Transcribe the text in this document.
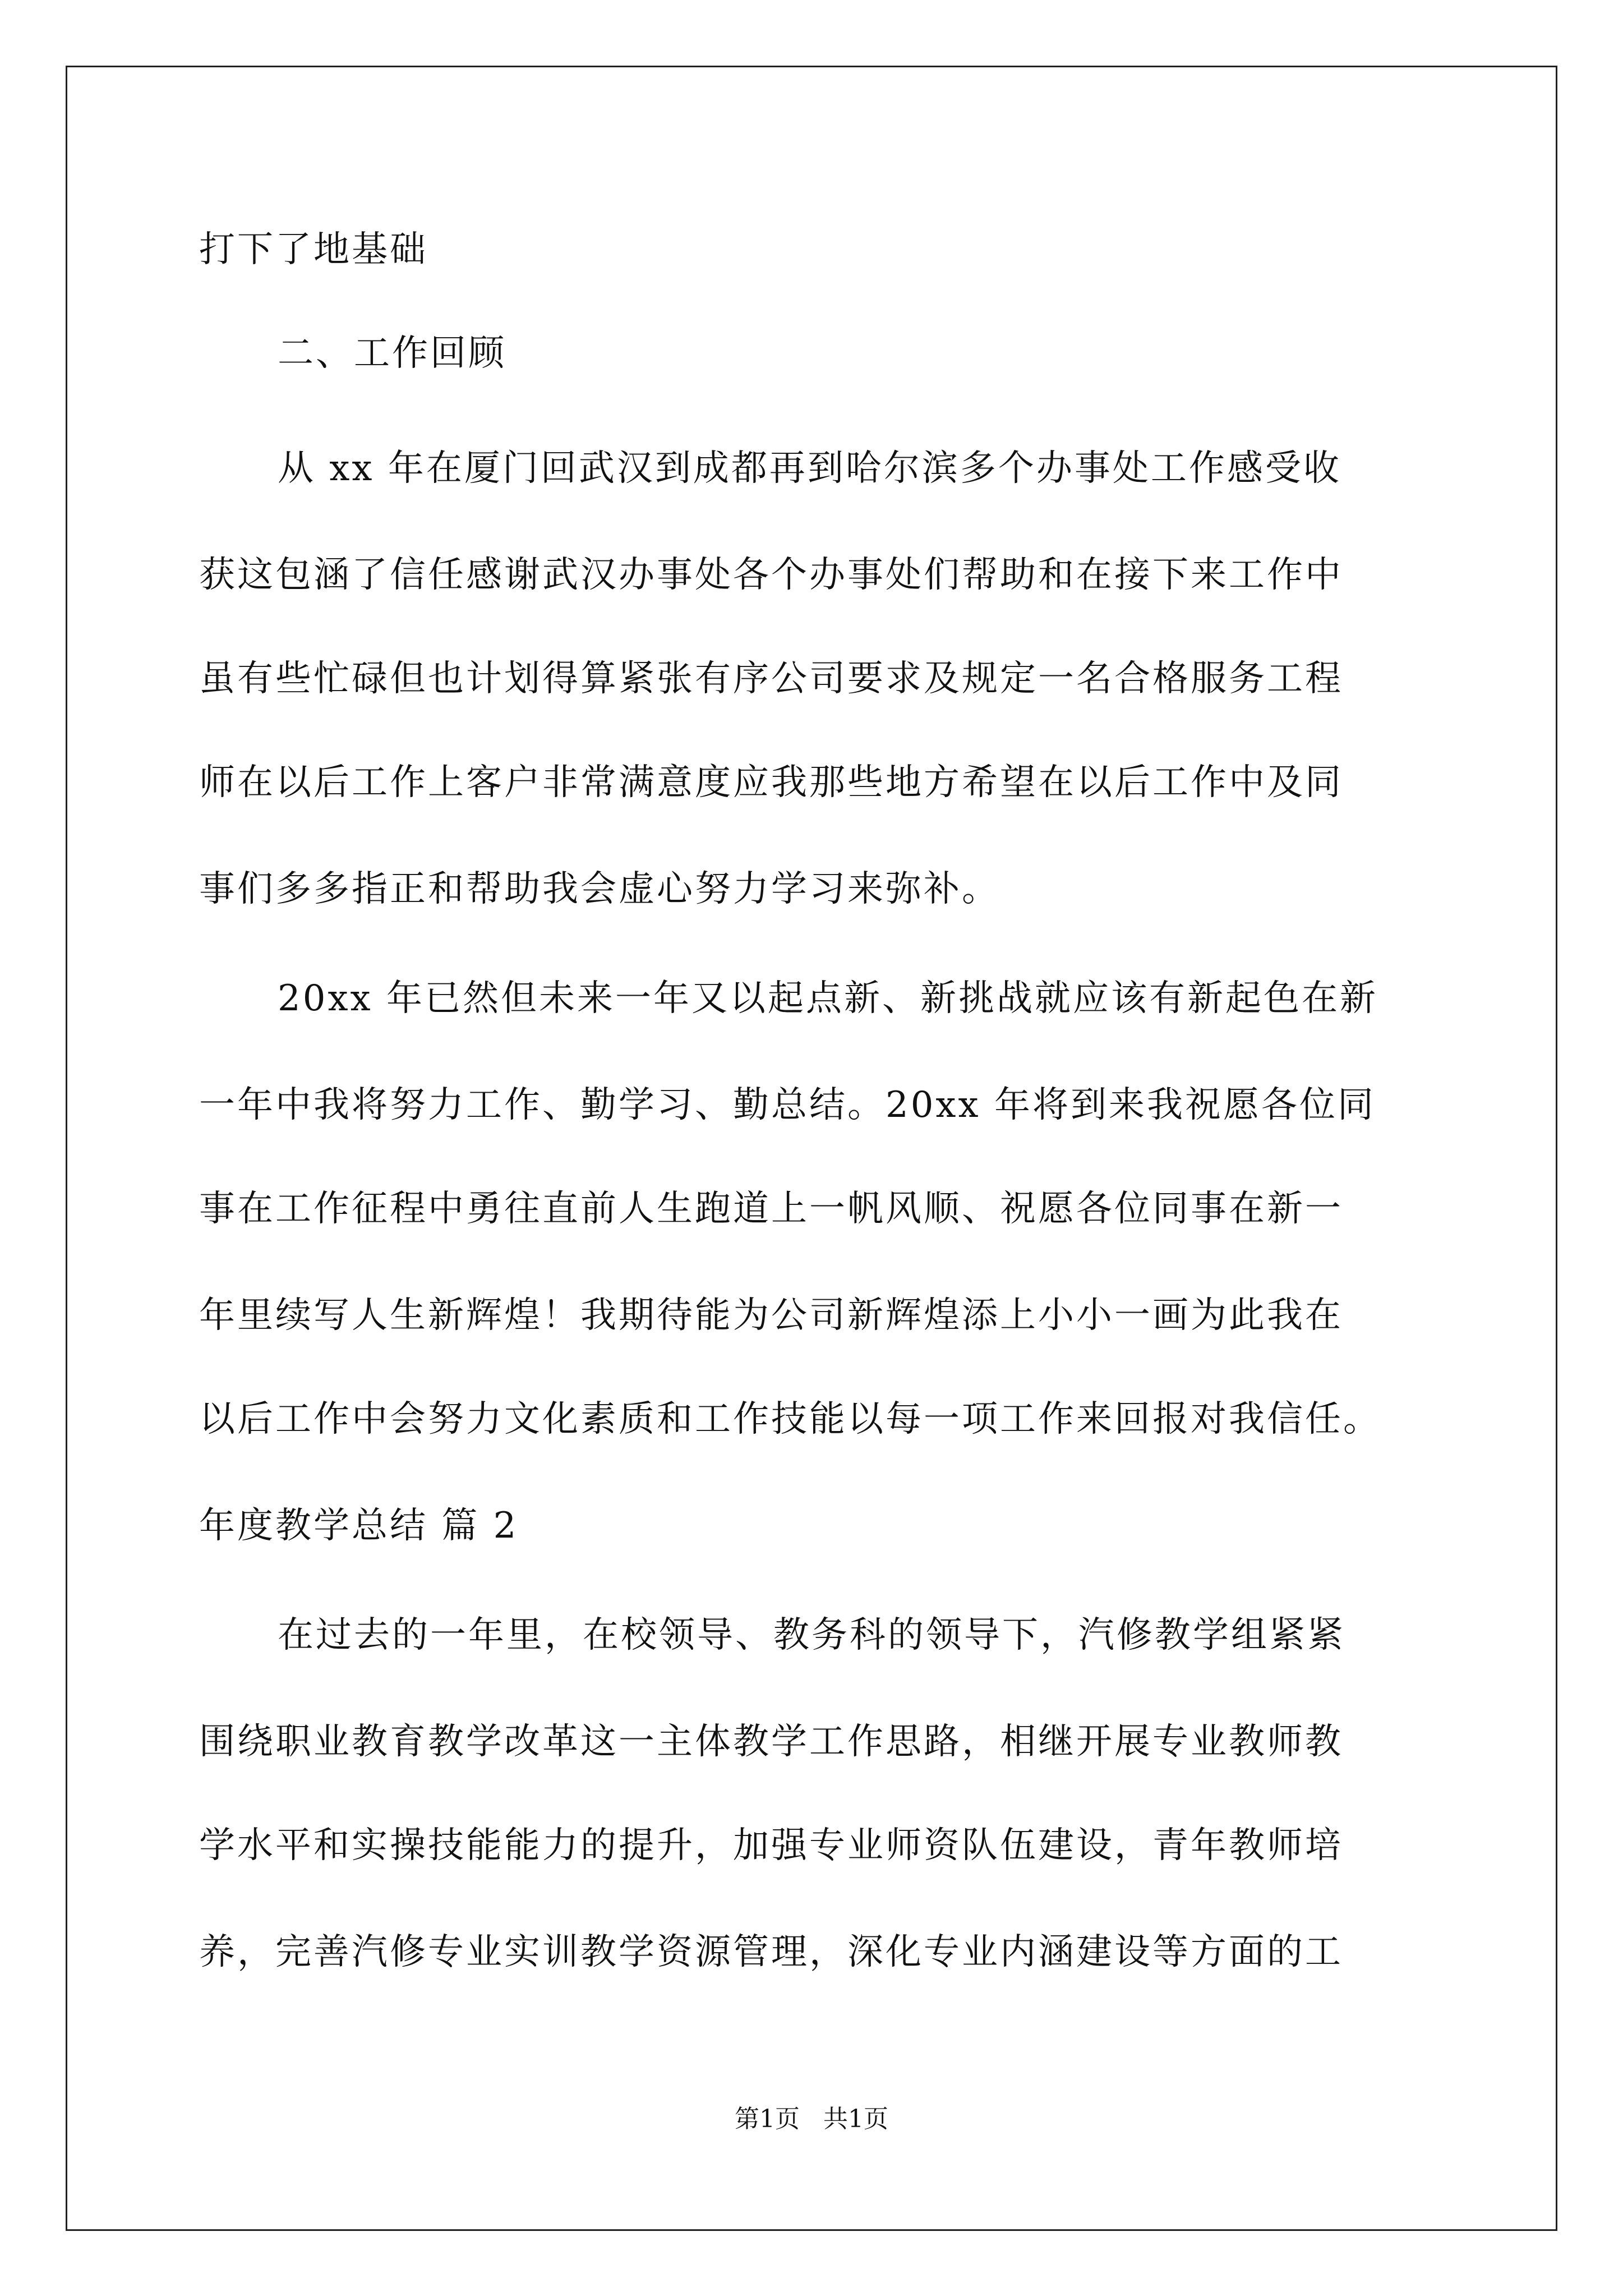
打下了地基础
二、工作回顾
从 xx 年在厦门回武汉到成都再到哈尔滨多个办事处工作感受收
获这包涵了信任感谢武汉办事处各个办事处们帮助和在接下来工作中
虽有些忙碌但也计划得算紧张有序公司要求及规定一名合格服务工程
师在以后工作上客户非常满意度应我那些地方希望在以后工作中及同
事们多多指正和帮助我会虚心努力学习来弥补。
20xx 年已然但未来一年又以起点新、新挑战就应该有新起色在新
一年中我将努力工作、勤学习、勤总结。20xx 年将到来我祝愿各位同
事在工作征程中勇往直前人生跑道上一帆风顺、祝愿各位同事在新一
年里续写人生新辉煌！我期待能为公司新辉煌添上小小一画为此我在
以后工作中会努力文化素质和工作技能以每一项工作来回报对我信任。
年度教学总结 篇 2
在过去的一年里，在校领导、教务科的领导下，汽修教学组紧紧
围绕职业教育教学改革这一主体教学工作思路，相继开展专业教师教
学水平和实操技能能力的提升，加强专业师资队伍建设，青年教师培
养，完善汽修专业实训教学资源管理，深化专业内涵建设等方面的工
第1页   共1页
